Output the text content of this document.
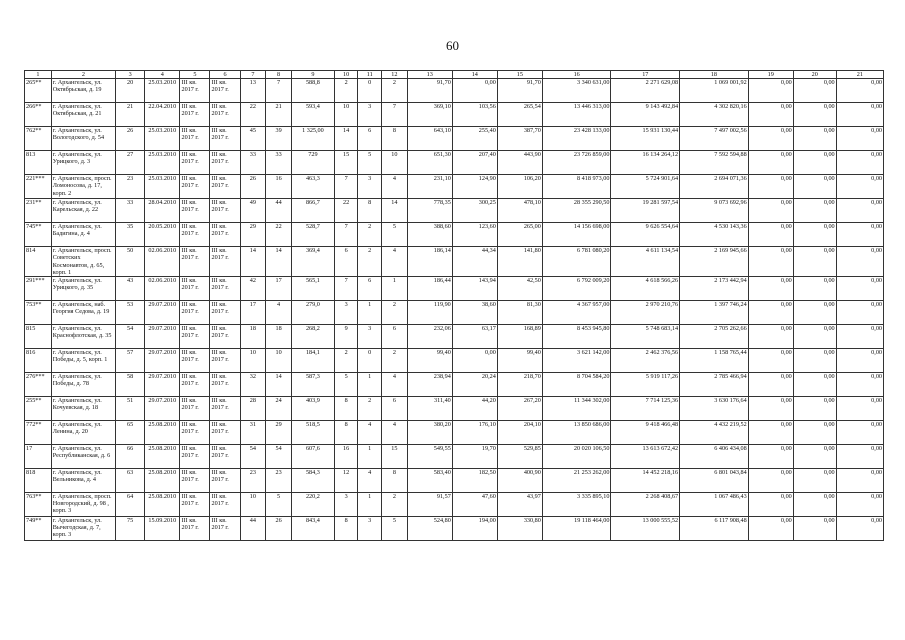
60
1	2	3	4	5	6	7	8	9	10	11	12	13	14	15	16	17	18	19	20	21
265**	г. Архангельск, ул. Октябрьская, д. 19	20	25.03.2010	III кв. 2017 г.	III кв. 2017 г.	13	7	588,8	2	0	2	91,70	0,00	91,70	3 340 631,00	2 271 629,08	1 069 001,92	0,00	0,00	0,00
266**	г. Архангельск, ул. Октябрьская, д. 21	21	22.04.2010	III кв. 2017 г.	III кв. 2017 г.	22	21	593,4	10	3	7	369,10	103,56	265,54	13 446 313,00	9 143 492,84	4 302 820,16	0,00	0,00	0,00
762**	г. Архангельск, ул. Вологодского, д. 54	26	25.03.2010	III кв. 2017 г.	III кв. 2017 г.	45	39	1 325,00	14	6	8	643,10	255,40	387,70	23 428 133,00	15 931 130,44	7 497 002,56	0,00	0,00	0,00
813	г. Архангельск, ул. Урицкого, д. 3	27	25.03.2010	III кв. 2017 г.	III кв. 2017 г.	33	33	729	15	5	10	651,30	207,40	443,90	23 726 859,00	16 134 264,12	7 592 594,88	0,00	0,00	0,00
221***	г. Архангельск, просп. Ломоносова, д. 17, корп. 2	23	25.03.2010	III кв. 2017 г.	III кв. 2017 г.	26	16	463,3	7	3	4	231,10	124,90	106,20	8 418 973,00	5 724 901,64	2 694 071,36	0,00	0,00	0,00
231**	г. Архангельск, ул. Карельская, д. 22	33	28.04.2010	III кв. 2017 г.	III кв. 2017 г.	49	44	866,7	22	8	14	778,35	300,25	478,10	28 355 290,50	19 281 597,54	9 073 692,96	0,00	0,00	0,00
745**	г. Архангельск, ул. Бадигина, д. 4	35	20.05.2010	III кв. 2017 г.	III кв. 2017 г.	29	22	528,7	7	2	5	388,60	123,60	265,00	14 156 698,00	9 626 554,64	4 530 143,36	0,00	0,00	0,00
814	г. Архангельск, просп. Советских Космонавтов, д. 65, корп. 1	50	02.06.2010	III кв. 2017 г.	III кв. 2017 г.	14	14	369,4	6	2	4	186,14	44,34	141,80	6 781 080,20	4 611 134,54	2 169 945,66	0,00	0,00	0,00
291***	г. Архангельск, ул. Урицкого, д. 35	43	02.06.2010	III кв. 2017 г.	III кв. 2017 г.	42	17	565,1	7	6	1	186,44	143,94	42,50	6 792 009,20	4 618 566,26	2 173 442,94	0,00	0,00	0,00
753**	г. Архангельск, наб. Георгия Седова, д. 19	53	29.07.2010	III кв. 2017 г.	III кв. 2017 г.	17	4	279,0	3	1	2	119,90	38,60	81,30	4 367 957,00	2 970 210,76	1 397 746,24	0,00	0,00	0,00
815	г. Архангельск, ул. Краснофлотская, д. 35	54	29.07.2010	III кв. 2017 г.	III кв. 2017 г.	18	18	268,2	9	3	6	232,06	63,17	168,89	8 453 945,80	5 748 683,14	2 705 262,66	0,00	0,00	0,00
816	г. Архангельск, ул. Победы, д. 5, корп. 1	57	29.07.2010	III кв. 2017 г.	III кв. 2017 г.	10	10	184,1	2	0	2	99,40	0,00	99,40	3 621 142,00	2 462 376,56	1 158 765,44	0,00	0,00	0,00
276***	г. Архангельск, ул. Победы, д. 78	58	29.07.2010	III кв. 2017 г.	III кв. 2017 г.	32	14	587,3	5	1	4	238,94	20,24	218,70	8 704 584,20	5 919 117,26	2 785 466,94	0,00	0,00	0,00
255**	г. Архангельск, ул. Кочуевская, д. 18	51	29.07.2010	III кв. 2017 г.	III кв. 2017 г.	28	24	403,9	8	2	6	311,40	44,20	267,20	11 344 302,00	7 714 125,36	3 630 176,64	0,00	0,00	0,00
772**	г. Архангельск, ул. Ленина, д. 20	65	25.08.2010	III кв. 2017 г.	III кв. 2017 г.	31	29	518,5	8	4	4	380,20	176,10	204,10	13 850 686,00	9 418 466,48	4 432 219,52	0,00	0,00	0,00
17	г. Архангельск, ул. Республиканская, д. 6	66	25.08.2010	III кв. 2017 г.	III кв. 2017 г.	54	54	607,6	16	1	15	549,55	19,70	529,85	20 020 106,50	13 613 672,42	6 406 434,08	0,00	0,00	0,00
818	г. Архангельск, ул. Вельникова, д. 4	63	25.08.2010	III кв. 2017 г.	III кв. 2017 г.	23	23	584,3	12	4	8	583,40	182,50	400,90	21 253 262,00	14 452 218,16	6 801 043,84	0,00	0,00	0,00
763**	г. Архангельск, просп. Новгородский, д. 98 , корп. 3	64	25.08.2010	III кв. 2017 г.	III кв. 2017 г.	10	5	220,2	3	1	2	91,57	47,60	43,97	3 335 895,10	2 268 408,67	1 067 486,43	0,00	0,00	0,00
749**	г. Архангельск, ул. Вычегодская, д. 7, корп. 3	75	15.09.2010	III кв. 2017 г.	III кв. 2017 г.	44	26	843,4	8	3	5	524,80	194,00	330,80	19 118 464,00	13 000 555,52	6 117 908,48	0,00	0,00	0,00
